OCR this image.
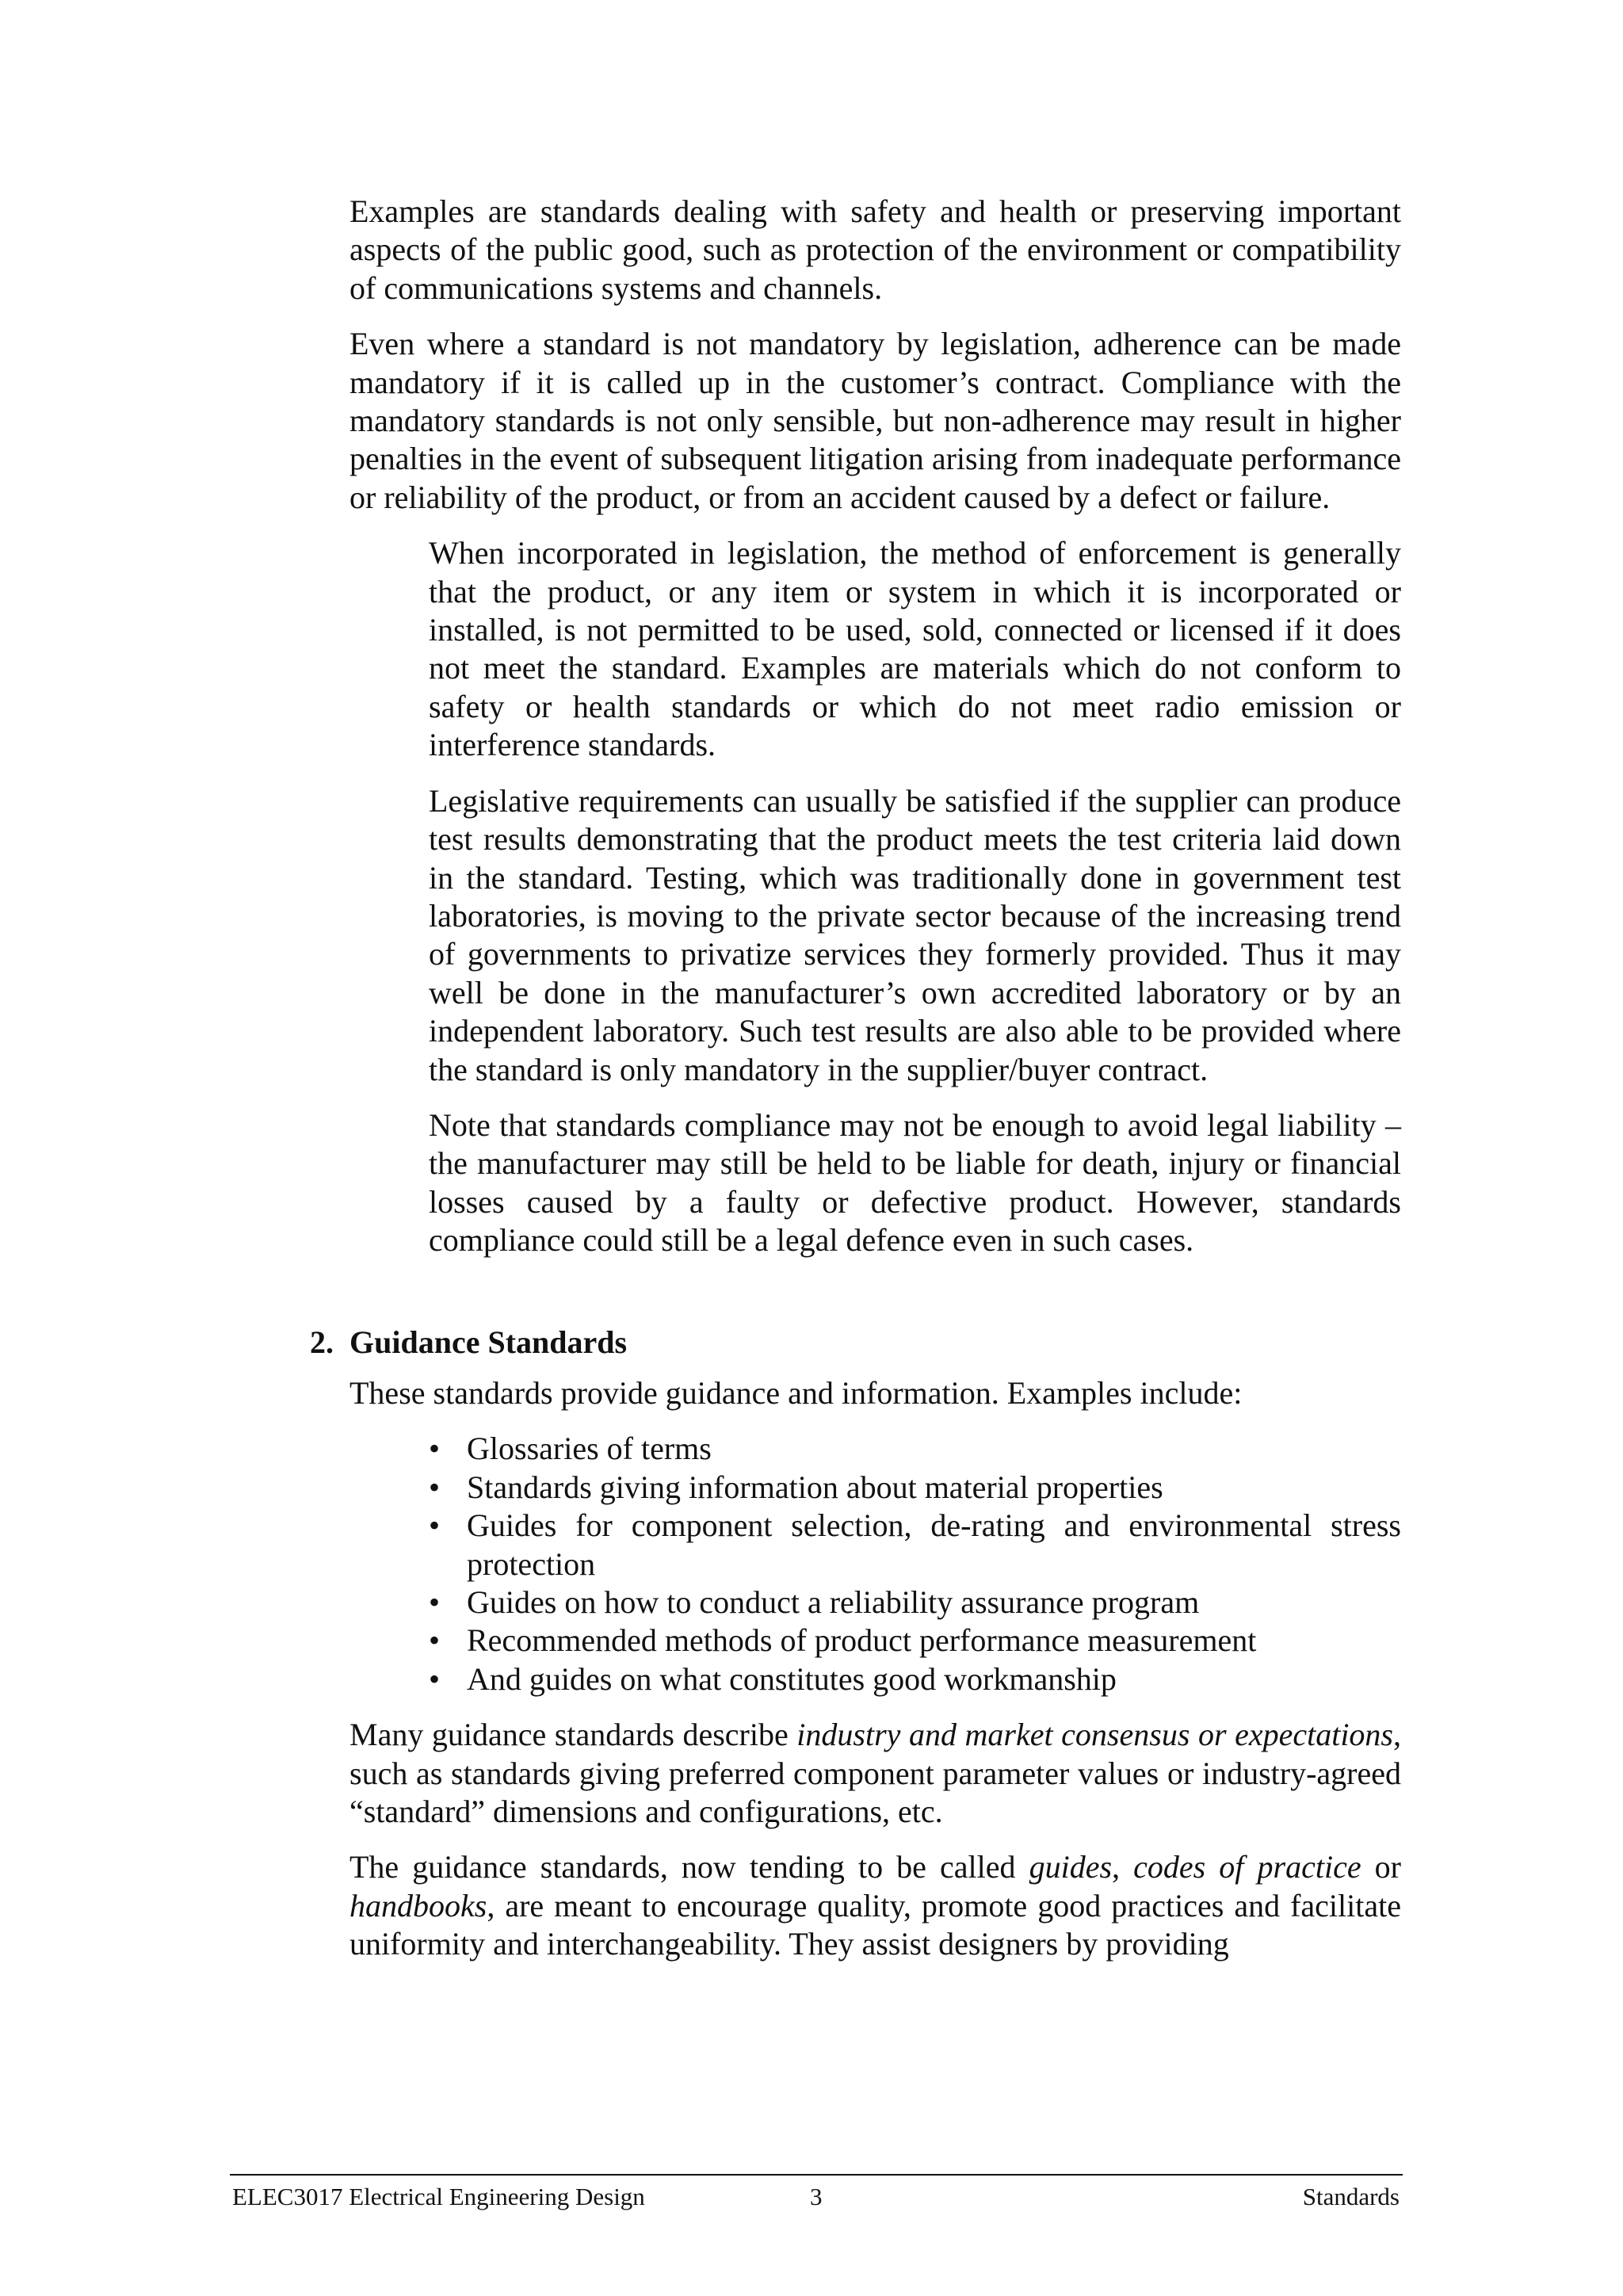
Examples are standards dealing with safety and health or preserving important aspects of the public good, such as protection of the environment or compatibility of communications systems and channels.

Even where a standard is not mandatory by legislation, adherence can be made mandatory if it is called up in the customer’s contract. Compliance with the mandatory standards is not only sensible, but non-adherence may result in higher penalties in the event of subsequent litigation arising from inadequate performance or reliability of the product, or from an accident caused by a defect or failure.

When incorporated in legislation, the method of enforcement is generally that the product, or any item or system in which it is incorporated or installed, is not permitted to be used, sold, connected or licensed if it does not meet the standard. Examples are materials which do not conform to safety or health standards or which do not meet radio emission or interference standards.

Legislative requirements can usually be satisfied if the supplier can produce test results demonstrating that the product meets the test criteria laid down in the standard. Testing, which was traditionally done in government test laboratories, is moving to the private sector because of the increasing trend of governments to privatize services they formerly provided. Thus it may well be done in the manufacturer’s own accredited laboratory or by an independent laboratory. Such test results are also able to be provided where the standard is only mandatory in the supplier/buyer contract.

Note that standards compliance may not be enough to avoid legal liability – the manufacturer may still be held to be liable for death, injury or financial losses caused by a faulty or defective product. However, standards compliance could still be a legal defence even in such cases.

2. Guidance Standards

These standards provide guidance and information. Examples include:

• Glossaries of terms
• Standards giving information about material properties
• Guides for component selection, de-rating and environmental stress protection
• Guides on how to conduct a reliability assurance program
• Recommended methods of product performance measurement
• And guides on what constitutes good workmanship

Many guidance standards describe industry and market consensus or expectations, such as standards giving preferred component parameter values or industry-agreed “standard” dimensions and configurations, etc.

The guidance standards, now tending to be called guides, codes of practice or handbooks, are meant to encourage quality, promote good practices and facilitate uniformity and interchangeability. They assist designers by providing

ELEC3017 Electrical Engineering Design	3	Standards
